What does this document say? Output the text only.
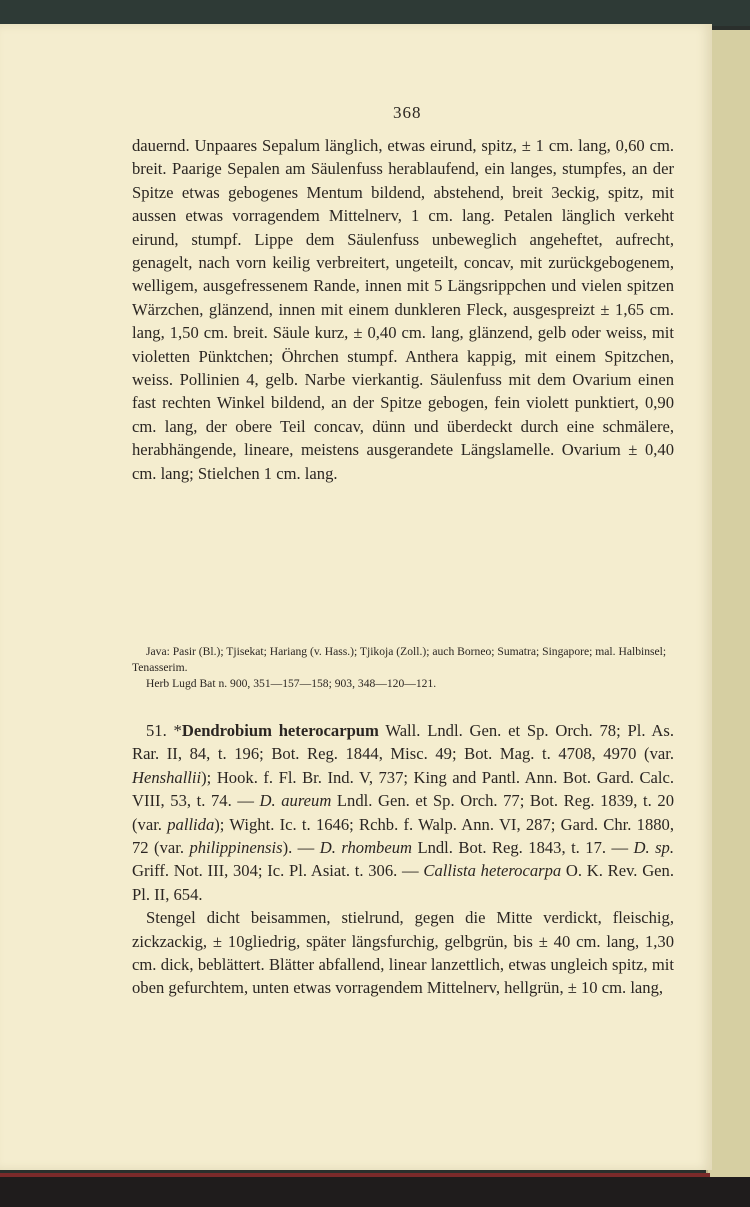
368

dauernd. Unpaares Sepalum länglich, etwas eirund, spitz, ± 1 cm. lang, 0,60 cm. breit. Paarige Sepalen am Säulenfuss herablaufend, ein langes, stumpfes, an der Spitze etwas gebogenes Mentum bildend, abstehend, breit 3eckig, spitz, mit aussen etwas vorragendem Mittelnerv, 1 cm. lang. Petalen länglich verkeht eirund, stumpf. Lippe dem Säulenfuss unbeweglich angeheftet, aufrecht, genagelt, nach vorn keilig verbreitert, ungeteilt, concav, mit zurückgebogenem, welligem, ausgefressenem Rande, innen mit 5 Längsrippchen und vielen spitzen Wärzchen, glänzend, innen mit einem dunkleren Fleck, ausgespreizt ± 1,65 cm. lang, 1,50 cm. breit. Säule kurz, ± 0,40 cm. lang, glänzend, gelb oder weiss, mit violetten Pünktchen; Öhrchen stumpf. Anthera kappig, mit einem Spitzchen, weiss. Pollinien 4, gelb. Narbe vierkantig. Säulenfuss mit dem Ovarium einen fast rechten Winkel bildend, an der Spitze gebogen, fein violett punktiert, 0,90 cm. lang, der obere Teil concav, dünn und überdeckt durch eine schmälere, herabhängende, lineare, meistens ausgerandete Längslamelle. Ovarium ± 0,40 cm. lang; Stielchen 1 cm. lang.

Java: Pasir (Bl.); Tjisekat; Hariang (v. Hass.); Tjikoja (Zoll.); auch Borneo; Sumatra; Singapore; mal. Halbinsel; Tenasserim.

Herb Lugd Bat n. 900, 351—157—158; 903, 348—120—121.

51. *Dendrobium heterocarpum Wall. Lndl. Gen. et Sp. Orch. 78; Pl. As. Rar. II, 84, t. 196; Bot. Reg. 1844, Misc. 49; Bot. Mag. t. 4708, 4970 (var. Henshallii); Hook. f. Fl. Br. Ind. V, 737; King and Pantl. Ann. Bot. Gard. Calc. VIII, 53, t. 74. — D. aureum Lndl. Gen. et Sp. Orch. 77; Bot. Reg. 1839, t. 20 (var. pallida); Wight. Ic. t. 1646; Rchb. f. Walp. Ann. VI, 287; Gard. Chr. 1880, 72 (var. philippinensis). — D. rhombeum Lndl. Bot. Reg. 1843, t. 17. — D. sp. Griff. Not. III, 304; Ic. Pl. Asiat. t. 306. — Callista heterocarpa O. K. Rev. Gen. Pl. II, 654.

Stengel dicht beisammen, stielrund, gegen die Mitte verdickt, fleischig, zickzackig, ± 10gliedrig, später längsfurchig, gelbgrün, bis ± 40 cm. lang, 1,30 cm. dick, beblättert. Blätter abfallend, linear lanzettlich, etwas ungleich spitz, mit oben gefurchtem, unten etwas vorragendem Mittelnerv, hellgrün, ± 10 cm. lang,
